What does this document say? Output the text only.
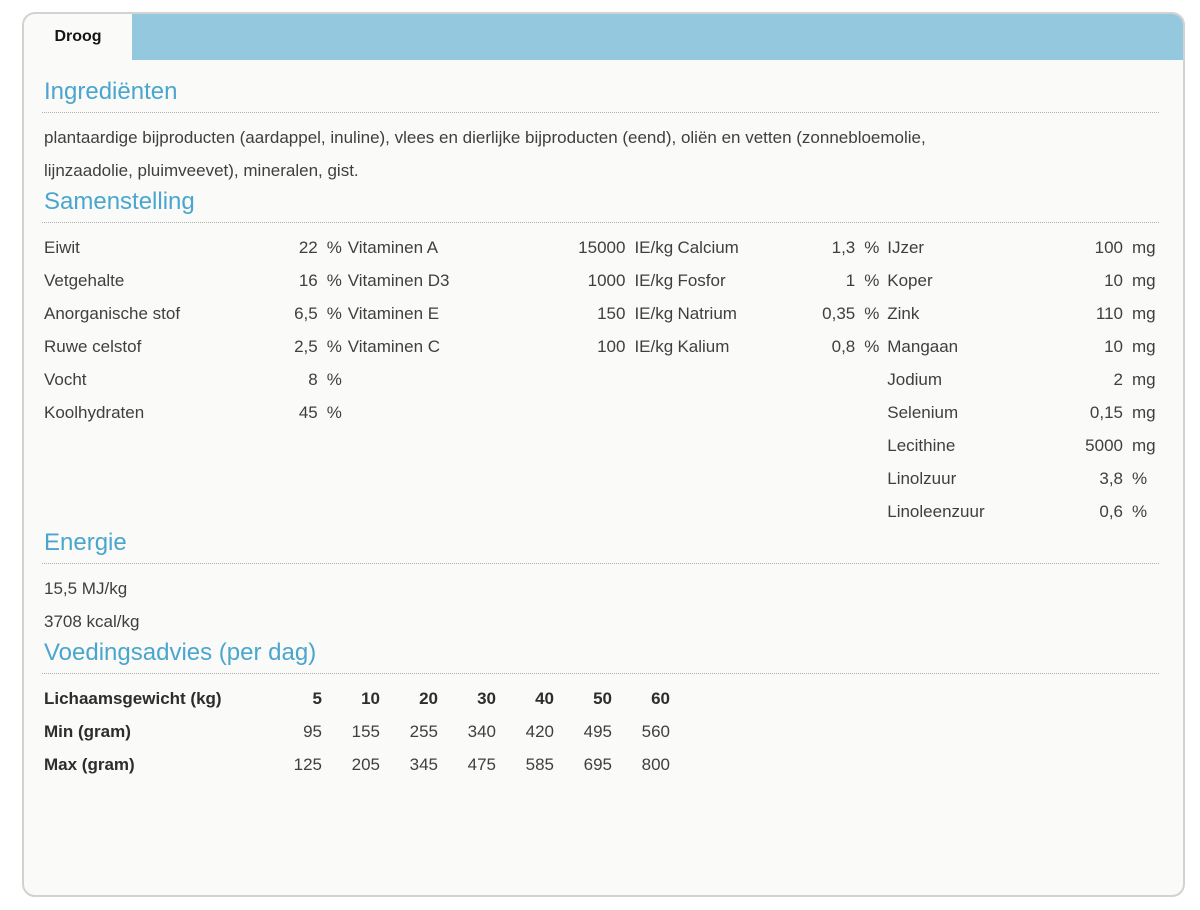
Droog
Ingrediënten
plantaardige bijproducten (aardappel, inuline), vlees en dierlijke bijproducten (eend), oliën en vetten (zonnebloemolie,
lijnzaadolie, pluimveevet), mineralen, gist.
Samenstelling
Eiwit	22 %
Vetgehalte	16 %
Anorganische stof	6,5 %
Ruwe celstof	2,5 %
Vocht	8 %
Koolhydraten	45 %
Vitaminen A	15000 IE/kg
Vitaminen D3	1000 IE/kg
Vitaminen E	150 IE/kg
Vitaminen C	100 IE/kg
Calcium	1,3 %
Fosfor	1 %
Natrium	0,35 %
Kalium	0,8 %
IJzer	100 mg
Koper	10 mg
Zink	110 mg
Mangaan	10 mg
Jodium	2 mg
Selenium	0,15 mg
Lecithine	5000 mg
Linolzuur	3,8 %
Linoleenzuur	0,6 %
Energie
15,5 MJ/kg
3708 kcal/kg
Voedingsadvies (per dag)
Lichaamsgewicht (kg)	5	10	20	30	40	50	60
Min (gram)	95	155	255	340	420	495	560
Max (gram)	125	205	345	475	585	695	800
